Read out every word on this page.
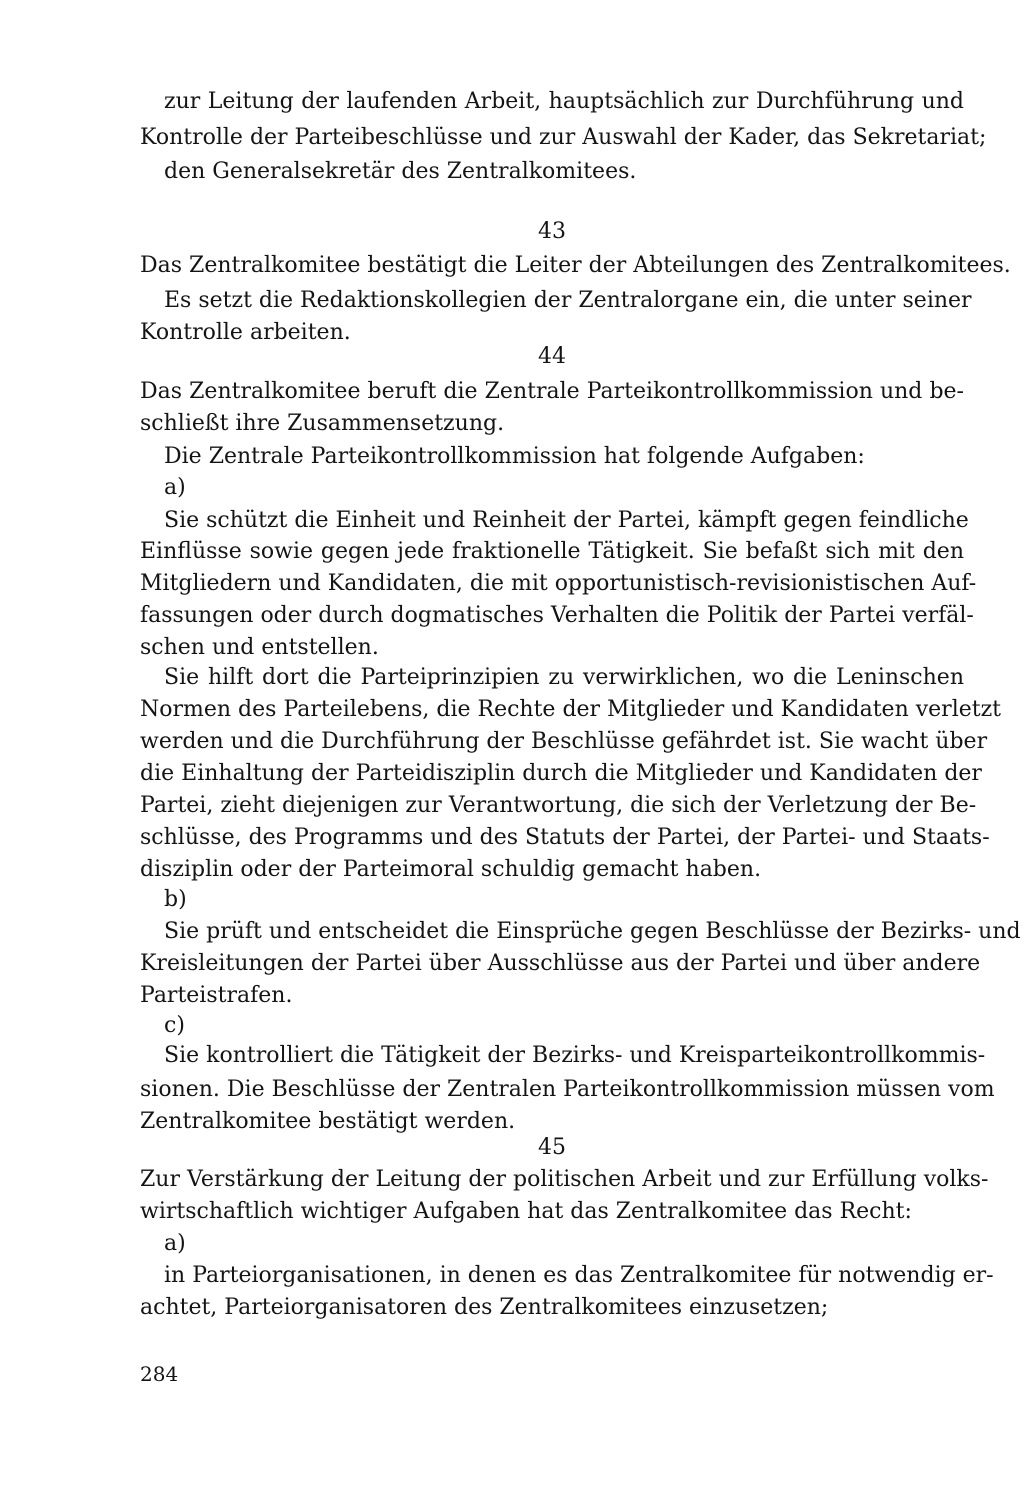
zur Leitung der laufenden Arbeit, hauptsächlich zur Durchführung und
Kontrolle der Parteibeschlüsse und zur Auswahl der Kader, das Sekretariat;
den Generalsekretär des Zentralkomitees.
43
Das Zentralkomitee bestätigt die Leiter der Abteilungen des Zentralkomitees.
Es setzt die Redaktionskollegien der Zentralorgane ein, die unter seiner
Kontrolle arbeiten.
44
Das Zentralkomitee beruft die Zentrale Parteikontrollkommission und be-
schließt ihre Zusammensetzung.
Die Zentrale Parteikontrollkommission hat folgende Aufgaben:
a)
Sie schützt die Einheit und Reinheit der Partei, kämpft gegen feindliche
Einflüsse sowie gegen jede fraktionelle Tätigkeit. Sie befaßt sich mit den
Mitgliedern und Kandidaten, die mit opportunistisch-revisionistischen Auf-
fassungen oder durch dogmatisches Verhalten die Politik der Partei verfäl-
schen und entstellen.
Sie hilft dort die Parteiprinzipien zu verwirklichen, wo die Leninschen
Normen des Parteilebens, die Rechte der Mitglieder und Kandidaten verletzt
werden und die Durchführung der Beschlüsse gefährdet ist. Sie wacht über
die Einhaltung der Parteidisziplin durch die Mitglieder und Kandidaten der
Partei, zieht diejenigen zur Verantwortung, die sich der Verletzung der Be-
schlüsse, des Programms und des Statuts der Partei, der Partei- und Staats-
disziplin oder der Parteimoral schuldig gemacht haben.
b)
Sie prüft und entscheidet die Einsprüche gegen Beschlüsse der Bezirks- und
Kreisleitungen der Partei über Ausschlüsse aus der Partei und über andere
Parteistrafen.
c)
Sie kontrolliert die Tätigkeit der Bezirks- und Kreisparteikontrollkommis-
sionen. Die Beschlüsse der Zentralen Parteikontrollkommission müssen vom
Zentralkomitee bestätigt werden.
45
Zur Verstärkung der Leitung der politischen Arbeit und zur Erfüllung volks-
wirtschaftlich wichtiger Aufgaben hat das Zentralkomitee das Recht:
a)
in Parteiorganisationen, in denen es das Zentralkomitee für notwendig er-
achtet, Parteiorganisatoren des Zentralkomitees einzusetzen;
284
